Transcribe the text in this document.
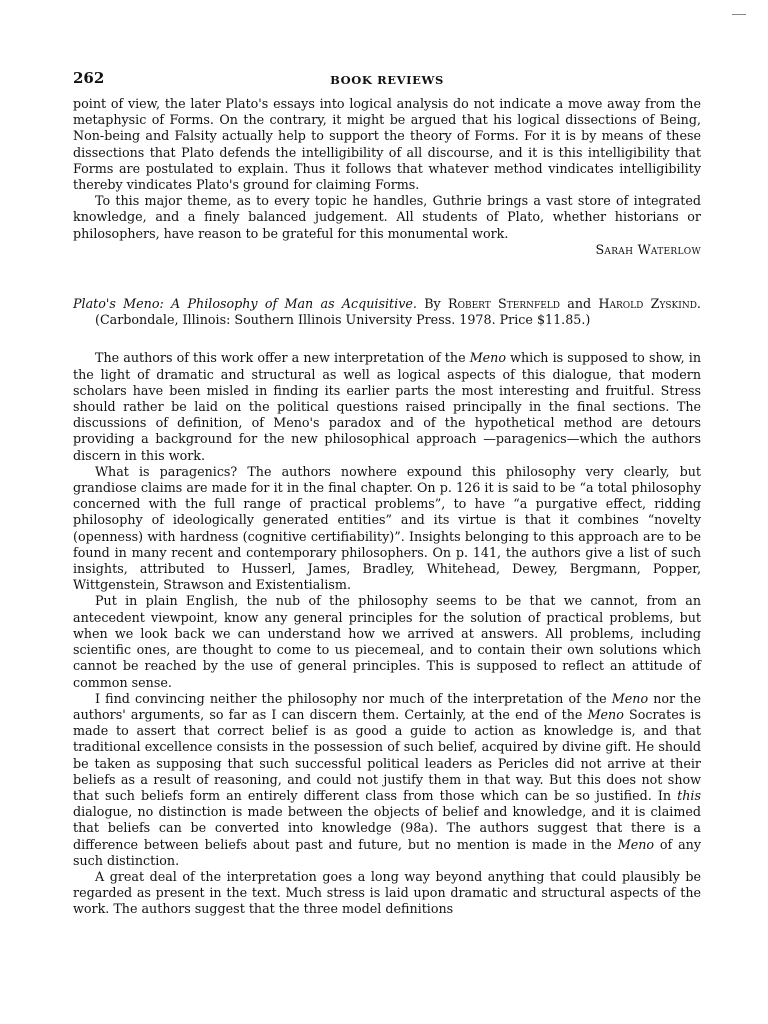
262	BOOK REVIEWS

point of view, the later Plato's essays into logical analysis do not indicate a move away from the metaphysic of Forms. On the contrary, it might be argued that his logical dissections of Being, Non-being and Falsity actually help to support the theory of Forms. For it is by means of these dissections that Plato defends the intelligibility of all discourse, and it is this intelligibility that Forms are postulated to explain. Thus it follows that whatever method vindicates intelligibility thereby vindicates Plato's ground for claiming Forms.

To this major theme, as to every topic he handles, Guthrie brings a vast store of integrated knowledge, and a finely balanced judgement. All students of Plato, whether historians or philosophers, have reason to be grateful for this monumental work.

Sarah Waterlow

Plato's Meno: A Philosophy of Man as Acquisitive. By Robert Sternfeld and Harold Zyskind. (Carbondale, Illinois: Southern Illinois University Press. 1978. Price $11.85.)

The authors of this work offer a new interpretation of the Meno which is supposed to show, in the light of dramatic and structural as well as logical aspects of this dialogue, that modern scholars have been misled in finding its earlier parts the most interesting and fruitful. Stress should rather be laid on the political questions raised principally in the final sections. The discussions of definition, of Meno's paradox and of the hypothetical method are detours providing a background for the new philosophical approach —paragenics—which the authors discern in this work.

What is paragenics? The authors nowhere expound this philosophy very clearly, but grandiose claims are made for it in the final chapter. On p. 126 it is said to be “a total philosophy concerned with the full range of practical problems”, to have “a purgative effect, ridding philosophy of ideologically generated entities” and its virtue is that it combines “novelty (openness) with hardness (cognitive certifiability)”. Insights belonging to this approach are to be found in many recent and contemporary philosophers. On p. 141, the authors give a list of such insights, attributed to Husserl, James, Bradley, Whitehead, Dewey, Bergmann, Popper, Wittgenstein, Strawson and Existentialism.

Put in plain English, the nub of the philosophy seems to be that we cannot, from an antecedent viewpoint, know any general principles for the solution of practical problems, but when we look back we can understand how we arrived at answers. All problems, including scientific ones, are thought to come to us piecemeal, and to contain their own solutions which cannot be reached by the use of general principles. This is supposed to reflect an attitude of common sense.

I find convincing neither the philosophy nor much of the interpretation of the Meno nor the authors' arguments, so far as I can discern them. Certainly, at the end of the Meno Socrates is made to assert that correct belief is as good a guide to action as knowledge is, and that traditional excellence consists in the possession of such belief, acquired by divine gift. He should be taken as supposing that such successful political leaders as Pericles did not arrive at their beliefs as a result of reasoning, and could not justify them in that way. But this does not show that such beliefs form an entirely different class from those which can be so justified. In this dialogue, no distinction is made between the objects of belief and knowledge, and it is claimed that beliefs can be converted into knowledge (98a). The authors suggest that there is a difference between beliefs about past and future, but no mention is made in the Meno of any such distinction.

A great deal of the interpretation goes a long way beyond anything that could plausibly be regarded as present in the text. Much stress is laid upon dramatic and structural aspects of the work. The authors suggest that the three model definitions
